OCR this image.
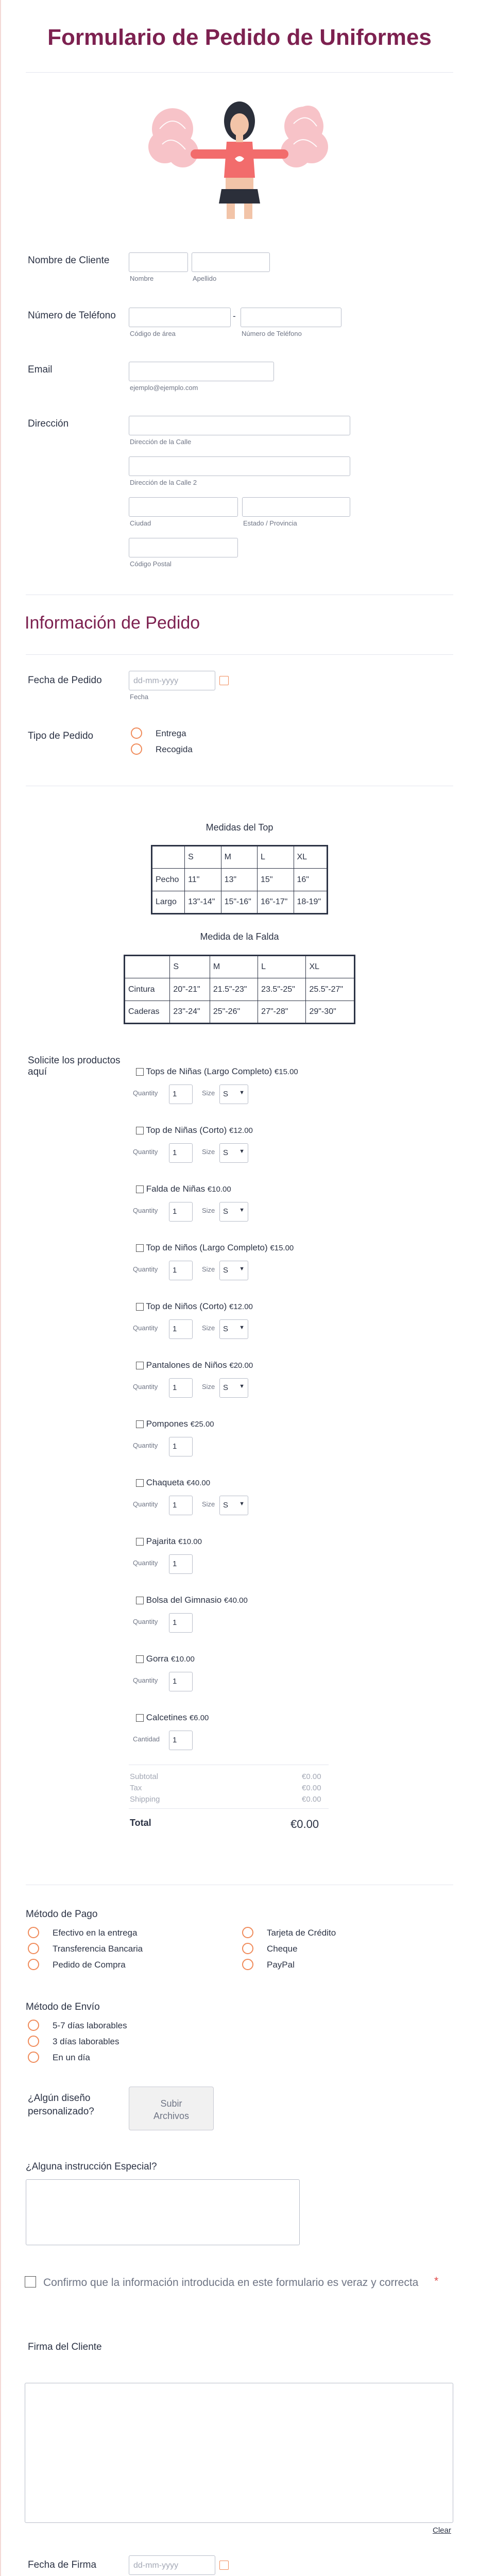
Formulario de Pedido de Uniformes
Nombre de Cliente
Nombre	Apellido
Número de Teléfono	-
Código de área	Número de Teléfono
Email
ejemplo@ejemplo.com
Dirección
Dirección de la Calle
Dirección de la Calle 2
Ciudad	Estado / Provincia
Código Postal
Información de Pedido
Fecha de Pedido	dd-mm-yyyy
Fecha
Tipo de Pedido	Entrega
Recogida
Medidas del Top
	S	M	L	XL
Pecho	11"	13"	15"	16"
Largo	13"-14"	15"-16"	16"-17"	18-19"
Medida de la Falda
	S	M	L	XL
Cintura	20"-21"	21.5"-23"	23.5"-25"	25.5"-27"
Caderas	23"-24"	25"-26"	27"-28"	29"-30"
Solicite los productos aquí	Tops de Niñas (Largo Completo) €15.00
Quantity	1	Size	S ▼
Top de Niñas (Corto) €12.00
Quantity	1	Size	S ▼
Falda de Niñas €10.00
Quantity	1	Size	S ▼
Top de Niños (Largo Completo) €15.00
Quantity	1	Size	S ▼
Top de Niños (Corto) €12.00
Quantity	1	Size	S ▼
Pantalones de Niños €20.00
Quantity	1	Size	S ▼
Pompones €25.00
Quantity	1
Chaqueta €40.00
Quantity	1	Size	S ▼
Pajarita €10.00
Quantity	1
Bolsa del Gimnasio €40.00
Quantity	1
Gorra €10.00
Quantity	1
Calcetines €6.00
Cantidad	1
Subtotal	€0.00
Tax	€0.00
Shipping	€0.00
Total	€0.00
Método de Pago
Efectivo en la entrega
Transferencia Bancaria
Pedido de Compra
Tarjeta de Crédito
Cheque
PayPal
Método de Envío
5-7 días laborables
3 días laborables
En un día
¿Algún diseño personalizado?
Subir Archivos
¿Alguna instrucción Especial?
Confirmo que la información introducida en este formulario es veraz y correcta *
Firma del Cliente
Clear
Fecha de Firma	dd-mm-yyyy
